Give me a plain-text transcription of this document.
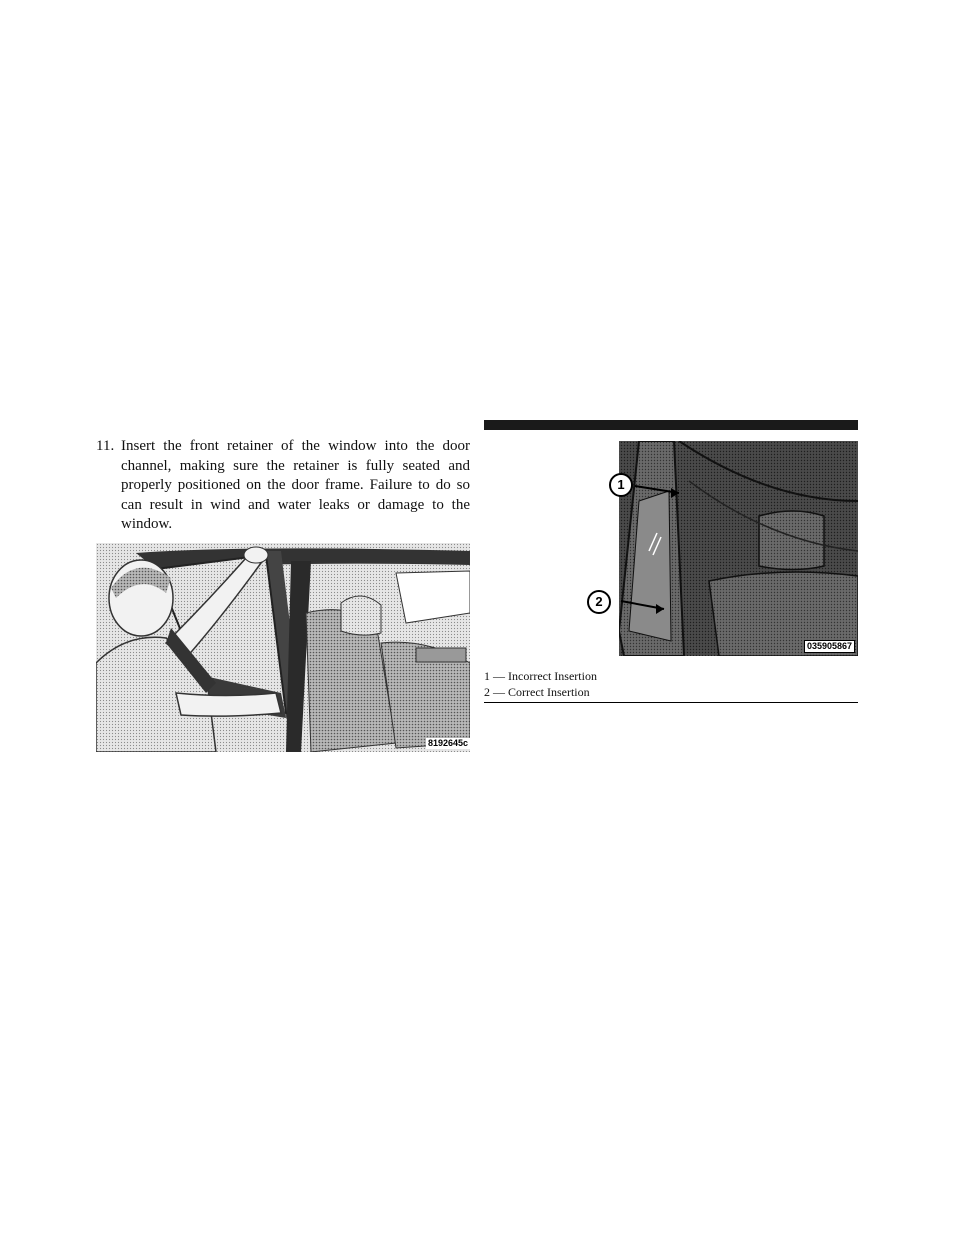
11. Insert the front retainer of the window into the door channel, making sure the retainer is fully seated and properly positioned on the door frame. Failure to do so can result in wind and water leaks or damage to the window.
8192645c
1
2
035905867
1 — Incorrect Insertion
2 — Correct Insertion
